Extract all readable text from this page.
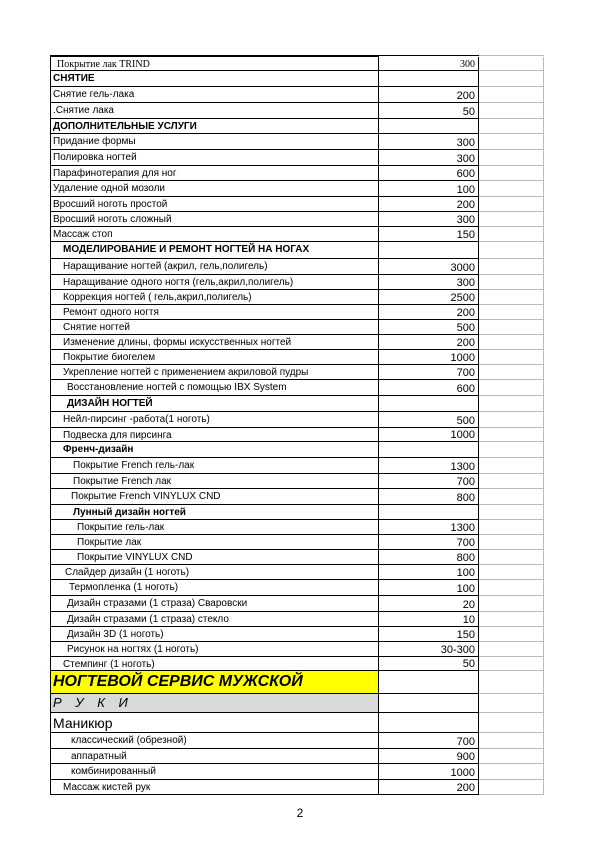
Покрытие лак TRIND	300
СНЯТИЕ
Снятие гель-лака	200
.Снятие лака	50
ДОПОЛНИТЕЛЬНЫЕ УСЛУГИ
Придание формы	300
Полировка ногтей	300
Парафинотерапия для ног	600
Удаление одной мозоли	100
Вросший ноготь простой	200
Вросший ноготь сложный	300
Массаж стоп	150
МОДЕЛИРОВАНИЕ И РЕМОНТ НОГТЕЙ НА НОГАХ
Наращивание ногтей (акрил, гель,полигель)	3000
Наращивание одного ногтя (гель,акрил,полигель)	300
Коррекция ногтей ( гель,акрил,полигель)	2500
Ремонт одного ногтя	200
Снятие ногтей	500
Изменение длины, формы искусственных ногтей	200
Покрытие биогелем	1000
Укрепление ногтей с применением акриловой пудры	700
Восстановление ногтей с помощью IBX System	600
ДИЗАЙН НОГТЕЙ
Нейл-пирсинг -работа(1 ноготь)	500
Подвеска для пирсинга	1000
Френч-дизайн
Покрытие French гель-лак	1300
Покрытие French лак	700
Покрытие French VINYLUX CND	800
Лунный дизайн ногтей
Покрытие гель-лак	1300
Покрытие лак	700
Покрытие VINYLUX CND	800
Слайдер дизайн (1 ноготь)	100
Термопленка (1 ноготь)	100
Дизайн стразами (1 страза) Сваровски	20
Дизайн стразами (1 страза) стекло	10
Дизайн 3D (1 ноготь)	150
Рисунок на ногтях (1 ноготь)	30-300
Стемпинг (1 ноготь)	50
НОГТЕВОЙ СЕРВИС МУЖСКОЙ
Р У К И
Маникюр
классический (обрезной)	700
аппаратный	900
комбинированный	1000
Массаж кистей рук	200
2
